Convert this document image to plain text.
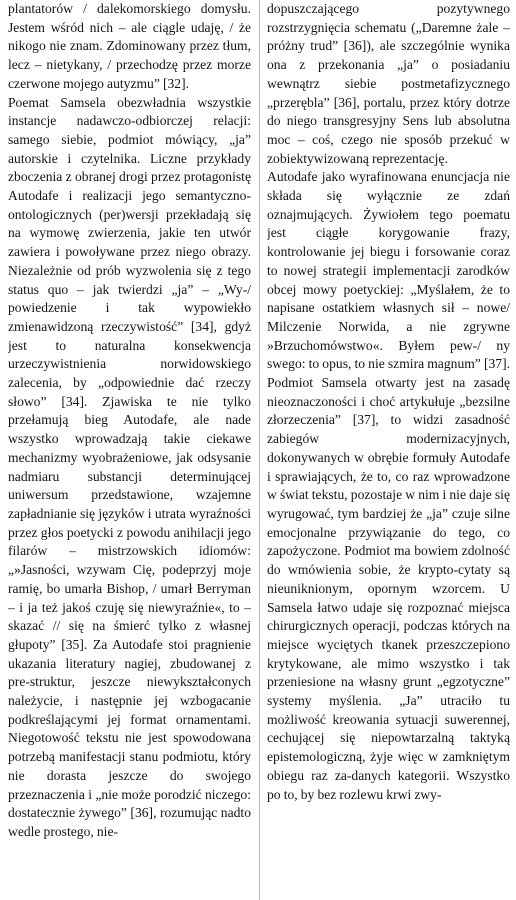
plantatorów / dalekomorskiego domysłu. Jestem wśród nich – ale ciągle udaję, / że nikogo nie znam. Zdominowany przez tłum, lecz – nietykany, / przechodzę przez morze czerwone mojego autyzmu” [32].

Poemat Samsela obezwładnia wszystkie instancje nadawczo-odbiorczej relacji: samego siebie, podmiot mówiący, „ja” autorskie i czytelnika. Liczne przykłady zboczenia z obranej drogi przez protagonistę Autodafe i realizacji jego semantyczno-ontologicznych (per)wersji przekładają się na wymowę zwierzenia, jakie ten utwór zawiera i powoływane przez niego obrazy. Niezależnie od prób wyzwolenia się z tego status quo – jak twierdzi „ja” – „Wy-/ powiedzenie i tak wypowiekło zmienawidzoną rzeczywistość” [34], gdyż jest to naturalna konsekwencja urzeczywistnienia norwidowskiego zalecenia, by „odpowiednie dać rzeczy słowo” [34]. Zjawiska te nie tylko przełamują bieg Autodafe, ale nade wszystko wprowadzają takie ciekawe mechanizmy wyobrażeniowe, jak odsysanie nadmiaru substancji determinującej uniwersum przedstawione, wzajemne zapładnianie się języków i utrata wyraźności przez głos poetycki z powodu anihilacji jego filarów – mistrzowskich idiomów: „»Jasności, wzywam Cię, podeprzyj moje ramię, bo umarła Bishop, / umarł Berryman – i ja też jakoś czuję się niewyraźnie«, to – skazać // się na śmierć tylko z własnej głupoty” [35]. Za Autodafe stoi pragnienie ukazania literatury nagiej, zbudowanej z pre-struktur, jeszcze niewykształconych należycie, i następnie jej wzbogacanie podkreślającymi jej format ornamentami. Niegotowość tekstu nie jest spowodowana potrzebą manifestacji stanu podmiotu, który nie dorasta jeszcze do swojego przeznaczenia i „nie może porodzić niczego: dostatecznie żywego” [36], rozumując nadto wedle prostego, nie-

dopuszczającego pozytywnego rozstrzygnięcia schematu („Daremne żale – próżny trud” [36]), ale szczególnie wynika ona z przekonania „ja” o posiadaniu wewnątrz siebie postmetafizycznego „przerębla” [36], portalu, przez który dotrze do niego transgresyjny Sens lub absolutna moc – coś, czego nie sposób przekuć w zobiektywizowaną reprezentację.

Autodafe jako wyrafinowana enuncjacja nie składa się wyłącznie ze zdań oznajmujących. Żywiołem tego poematu jest ciągłe korygowanie frazy, kontrolowanie jej biegu i forsowanie coraz to nowej strategii implementacji zarodków obcej mowy poetyckiej: „Myślałem, że to napisane ostatkiem własnych sił – nowe/ Milczenie Norwida, a nie zgrywne »Brzuchomówstwo«. Byłem pew-/ ny swego: to opus, to nie szmira magnum” [37]. Podmiot Samsela otwarty jest na zasadę nieoznaczoności i choć artykułuje „bezsilne złorzeczenia” [37], to widzi zasadność zabiegów modernizacyjnych, dokonywanych w obrębie formuły Autodafe i sprawiających, że to, co raz wprowadzone w świat tekstu, pozostaje w nim i nie daje się wyrugować, tym bardziej że „ja” czuje silne emocjonalne przywiązanie do tego, co zapożyczone. Podmiot ma bowiem zdolność do wmówienia sobie, że krypto-cytaty są nieuniknionym, opornym wzorcem. U Samsela łatwo udaje się rozpoznać miejsca chirurgicznych operacji, podczas których na miejsce wyciętych tkanek przeszczepiono krytykowane, ale mimo wszystko i tak przeniesione na własny grunt „egzotyczne” systemy myślenia. „Ja” utraciło tu możliwość kreowania sytuacji suwerennej, cechującej się niepowtarzalną taktyką epistemologiczną, żyje więc w zamkniętym obiegu raz za-danych kategorii. Wszystko po to, by bez rozlewu krwi zwy-
